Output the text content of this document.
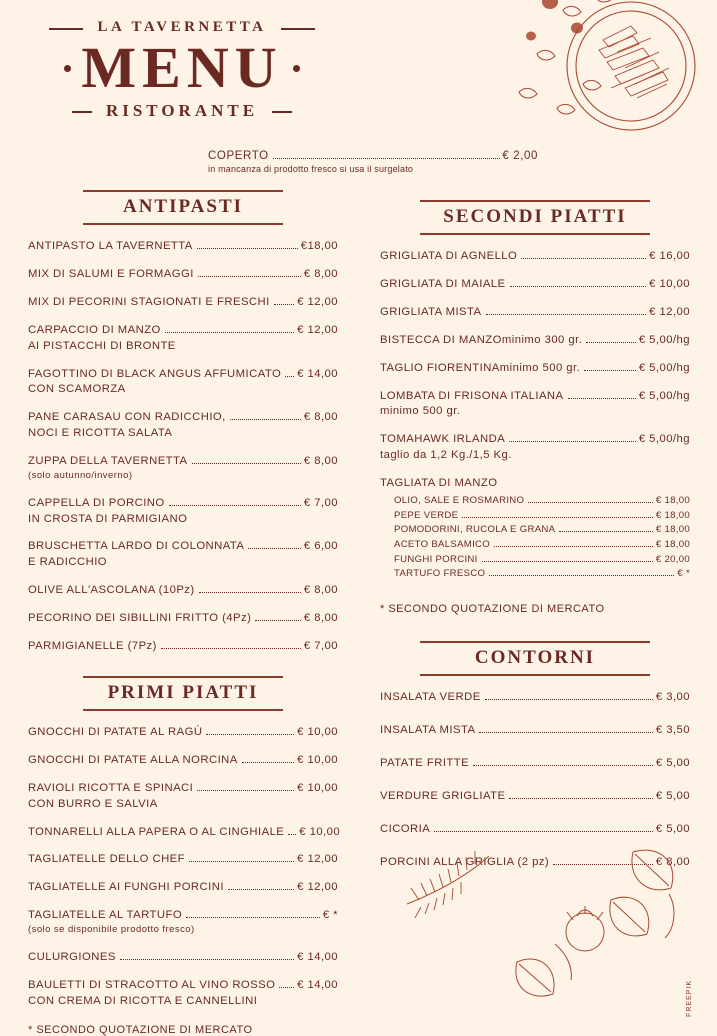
LA TAVERNETTA
MENU
RISTORANTE
COPERTO	€ 2,00
in mancanza di prodotto fresco si usa il surgelato
ANTIPASTI
ANTIPASTO LA TAVERNETTA	€18,00
MIX DI SALUMI E FORMAGGI	€ 8,00
MIX DI PECORINI STAGIONATI E FRESCHI € 12,00
CARPACCIO DI MANZO	€ 12,00
AI PISTACCHI DI BRONTE
FAGOTTINO DI BLACK ANGUS AFFUMICATO € 14,00
CON SCAMORZA
PANE CARASAU CON RADICCHIO,	€ 8,00
NOCI E RICOTTA SALATA
ZUPPA DELLA TAVERNETTA	€ 8,00
(solo autunno/inverno)
CAPPELLA DI PORCINO	€ 7,00
IN CROSTA DI PARMIGIANO
BRUSCHETTA LARDO DI COLONNATA	€ 6,00
E RADICCHIO
OLIVE ALL'ASCOLANA (10Pz)	€ 8,00
PECORINO DEI SIBILLINI FRITTO (4Pz)	€ 8,00
PARMIGIANELLE (7Pz)	€ 7,00
PRIMI PIATTI
GNOCCHI DI PATATE AL RAGÙ	€ 10,00
GNOCCHI DI PATATE ALLA NORCINA	€ 10,00
RAVIOLI RICOTTA E SPINACI	€ 10,00
CON BURRO E SALVIA
TONNARELLI ALLA PAPERA O AL CINGHIALE € 10,00
TAGLIATELLE DELLO CHEF	€ 12,00
TAGLIATELLE AI FUNGHI PORCINI	€ 12,00
TAGLIATELLE AL TARTUFO	€ *
(solo se disponibile prodotto fresco)
CULURGIONES	€ 14,00
BAULETTI DI STRACOTTO AL VINO ROSSO € 14,00
CON CREMA DI RICOTTA E CANNELLINI
* SECONDO QUOTAZIONE DI MERCATO
SECONDI PIATTI
GRIGLIATA DI AGNELLO	€ 16,00
GRIGLIATA DI MAIALE	€ 10,00
GRIGLIATA MISTA	€ 12,00
BISTECCA DI MANZO minimo 300 gr.	€ 5,00/hg
TAGLIO FIORENTINA minimo 500 gr.	€ 5,00/hg
LOMBATA DI FRISONA ITALIANA	€ 5,00/hg
minimo 500 gr.
TOMAHAWK IRLANDA	€ 5,00/hg
taglio da 1,2 Kg./1,5 Kg.
TAGLIATA DI MANZO
OLIO, SALE E ROSMARINO	€ 18,00
PEPE VERDE	€ 18,00
POMODORINI, RUCOLA E GRANA	€ 18,00
ACETO BALSAMICO	€ 18,00
FUNGHI PORCINI	€ 20,00
TARTUFO FRESCO	€ *
* SECONDO QUOTAZIONE DI MERCATO
CONTORNI
INSALATA VERDE	€ 3,00
INSALATA MISTA	€ 3,50
PATATE FRITTE	€ 5,00
VERDURE GRIGLIATE	€ 5,00
CICORIA	€ 5,00
PORCINI ALLA GRIGLIA (2 pz)	€ 8,00
FREEPIK
